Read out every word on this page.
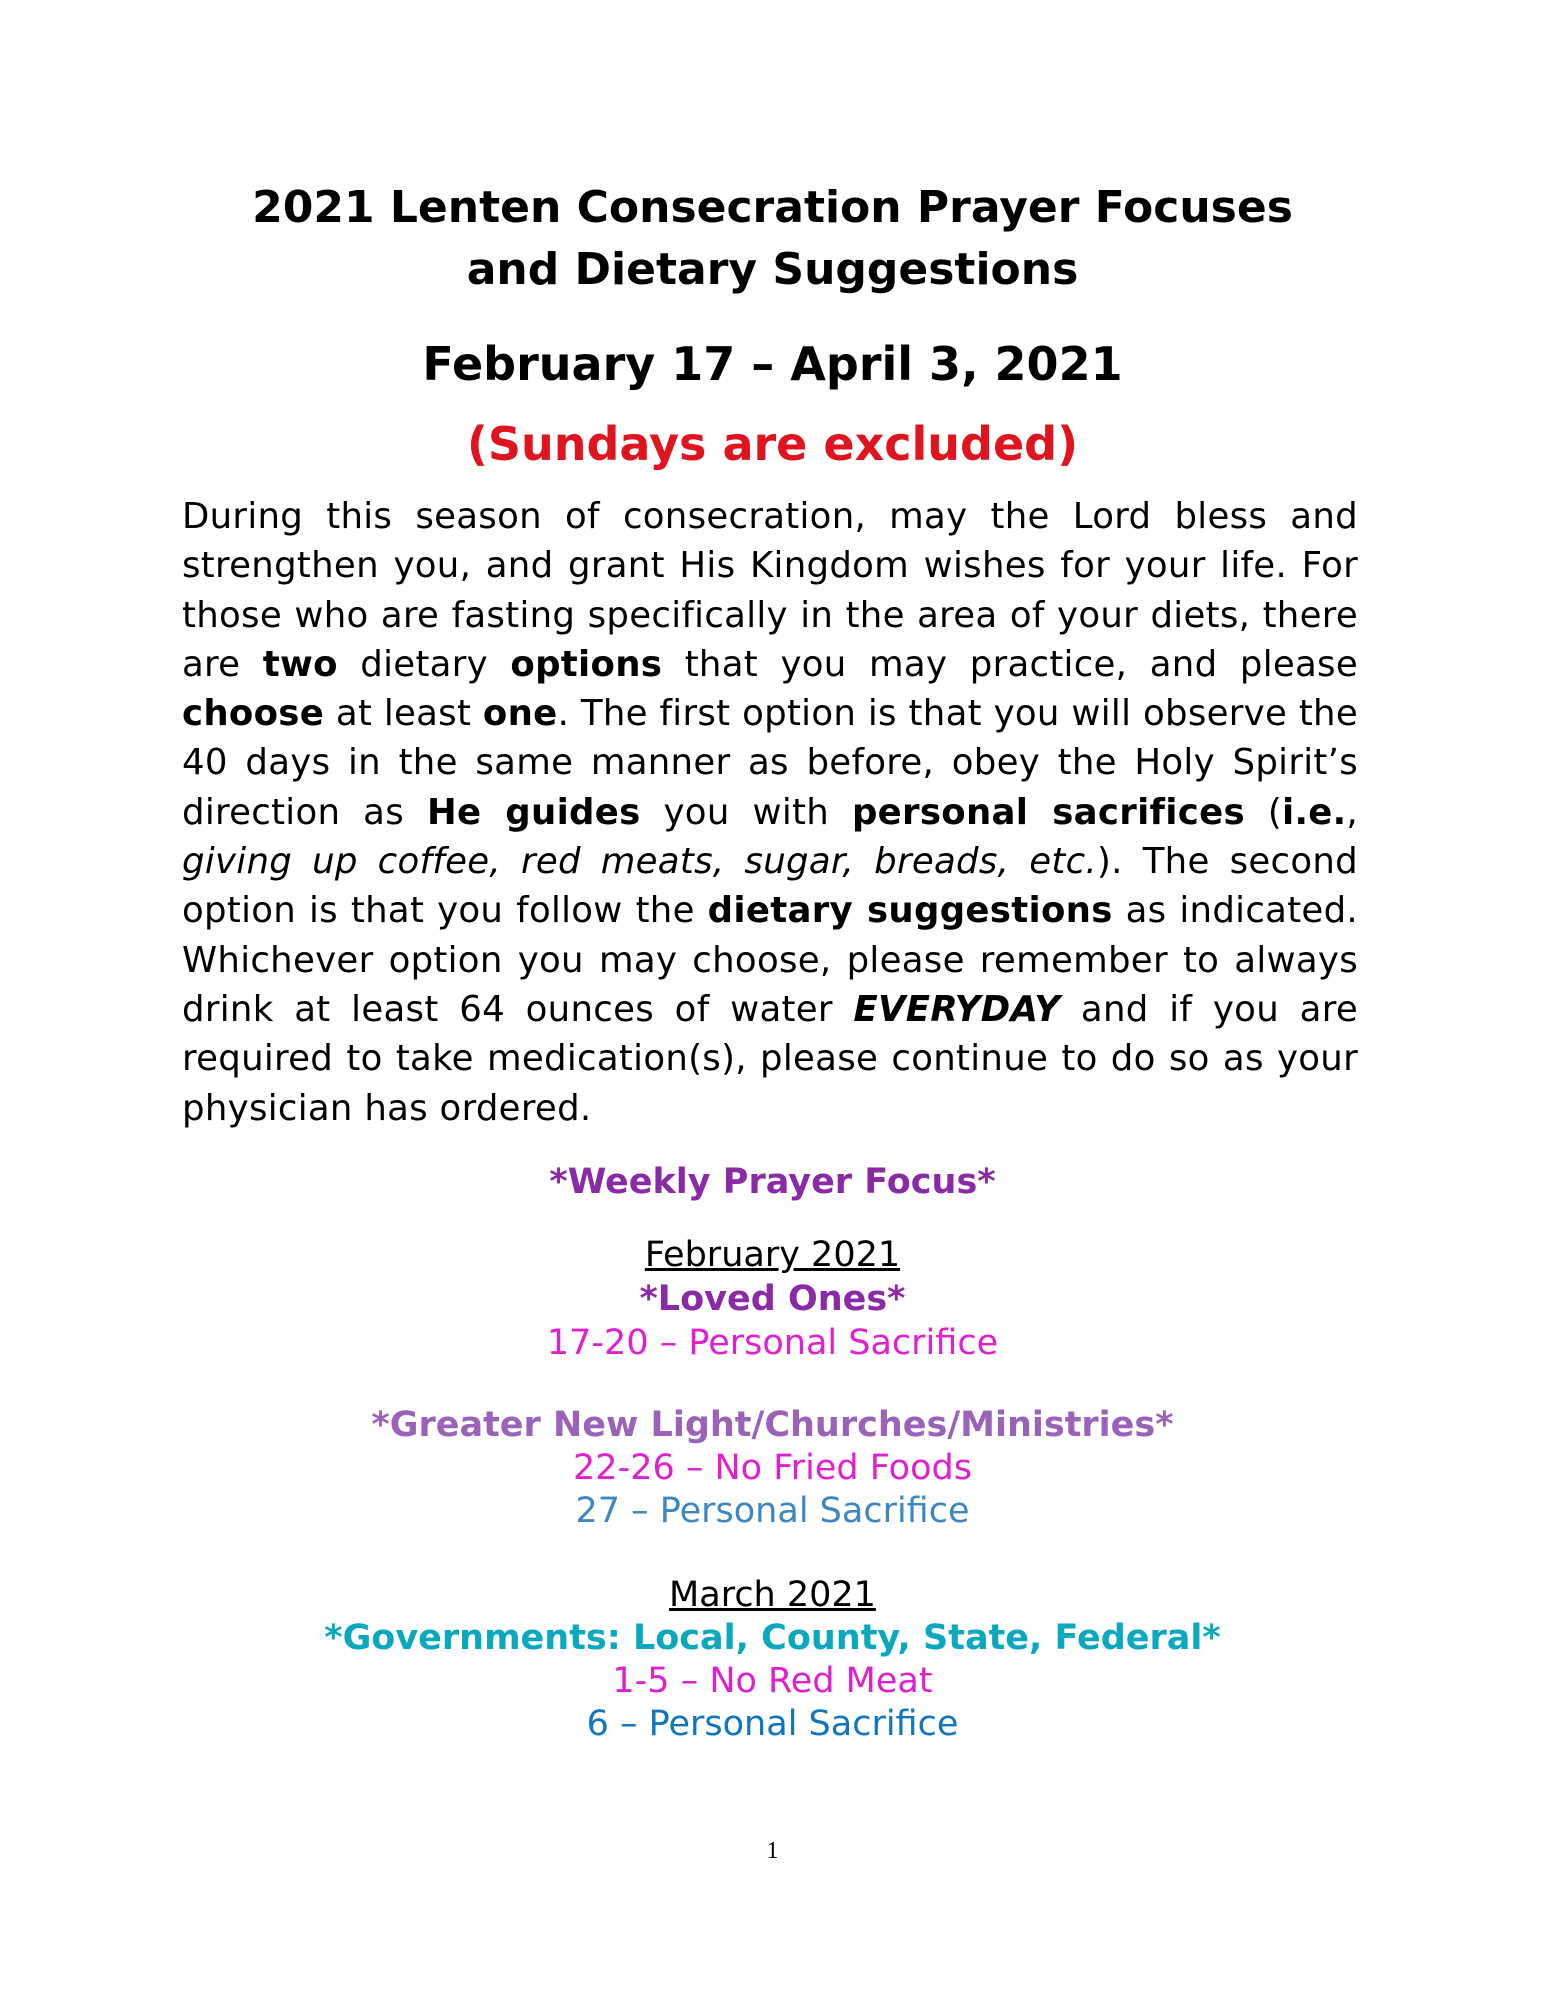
2021 Lenten Consecration Prayer Focuses
and Dietary Suggestions
February 17 – April 3, 2021
(Sundays are excluded)
During this season of consecration, may the Lord bless and strengthen you, and grant His Kingdom wishes for your life. For those who are fasting specifically in the area of your diets, there are two dietary options that you may practice, and please choose at least one. The first option is that you will observe the 40 days in the same manner as before, obey the Holy Spirit’s direction as He guides you with personal sacrifices (i.e., giving up coffee, red meats, sugar, breads, etc.). The second option is that you follow the dietary suggestions as indicated. Whichever option you may choose, please remember to always drink at least 64 ounces of water EVERYDAY and if you are required to take medication(s), please continue to do so as your physician has ordered.
*Weekly Prayer Focus*
February 2021
*Loved Ones*
17-20 – Personal Sacrifice
*Greater New Light/Churches/Ministries*
22-26 – No Fried Foods
27 – Personal Sacrifice
March 2021
*Governments: Local, County, State, Federal*
1-5 – No Red Meat
6 – Personal Sacrifice
1
